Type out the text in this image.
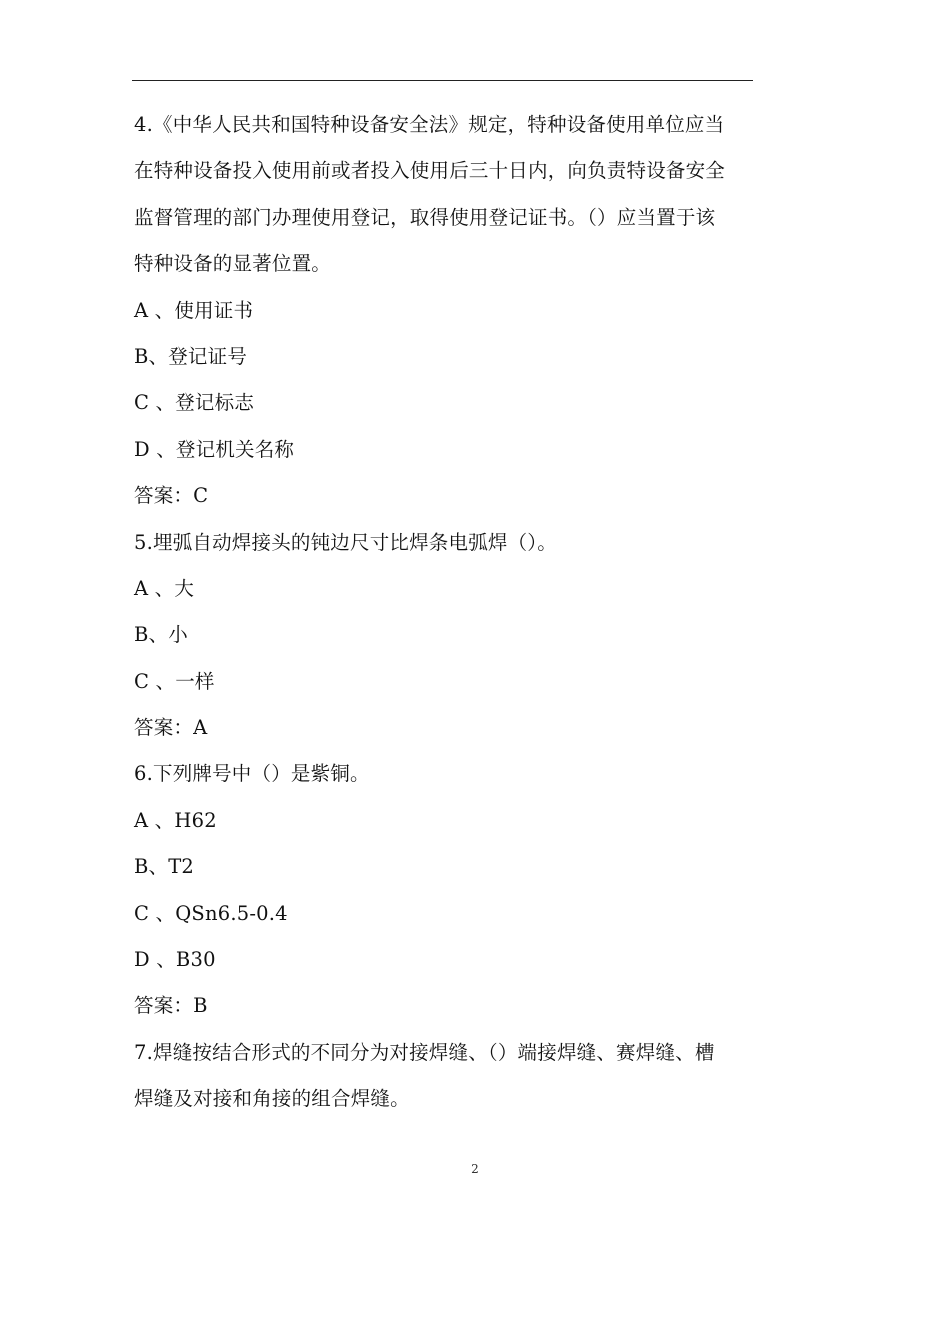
4.《中华人民共和国特种设备安全法》规定，特种设备使用单位应当
在特种设备投入使用前或者投入使用后三十日内，向负责特设备安全
监督管理的部门办理使用登记，取得使用登记证书。（）应当置于该
特种设备的显著位置。
A 、使用证书
B、登记证号
C 、登记标志
D 、登记机关名称
答案：C
5.埋弧自动焊接头的钝边尺寸比焊条电弧焊（）。
A 、大
B、小
C 、一样
答案：A
6.下列牌号中（）是紫铜。
A 、H62
B、T2
C 、QSn6.5-0.4
D 、B30
答案：B
7.焊缝按结合形式的不同分为对接焊缝、（）端接焊缝、赛焊缝、槽
焊缝及对接和角接的组合焊缝。
2
